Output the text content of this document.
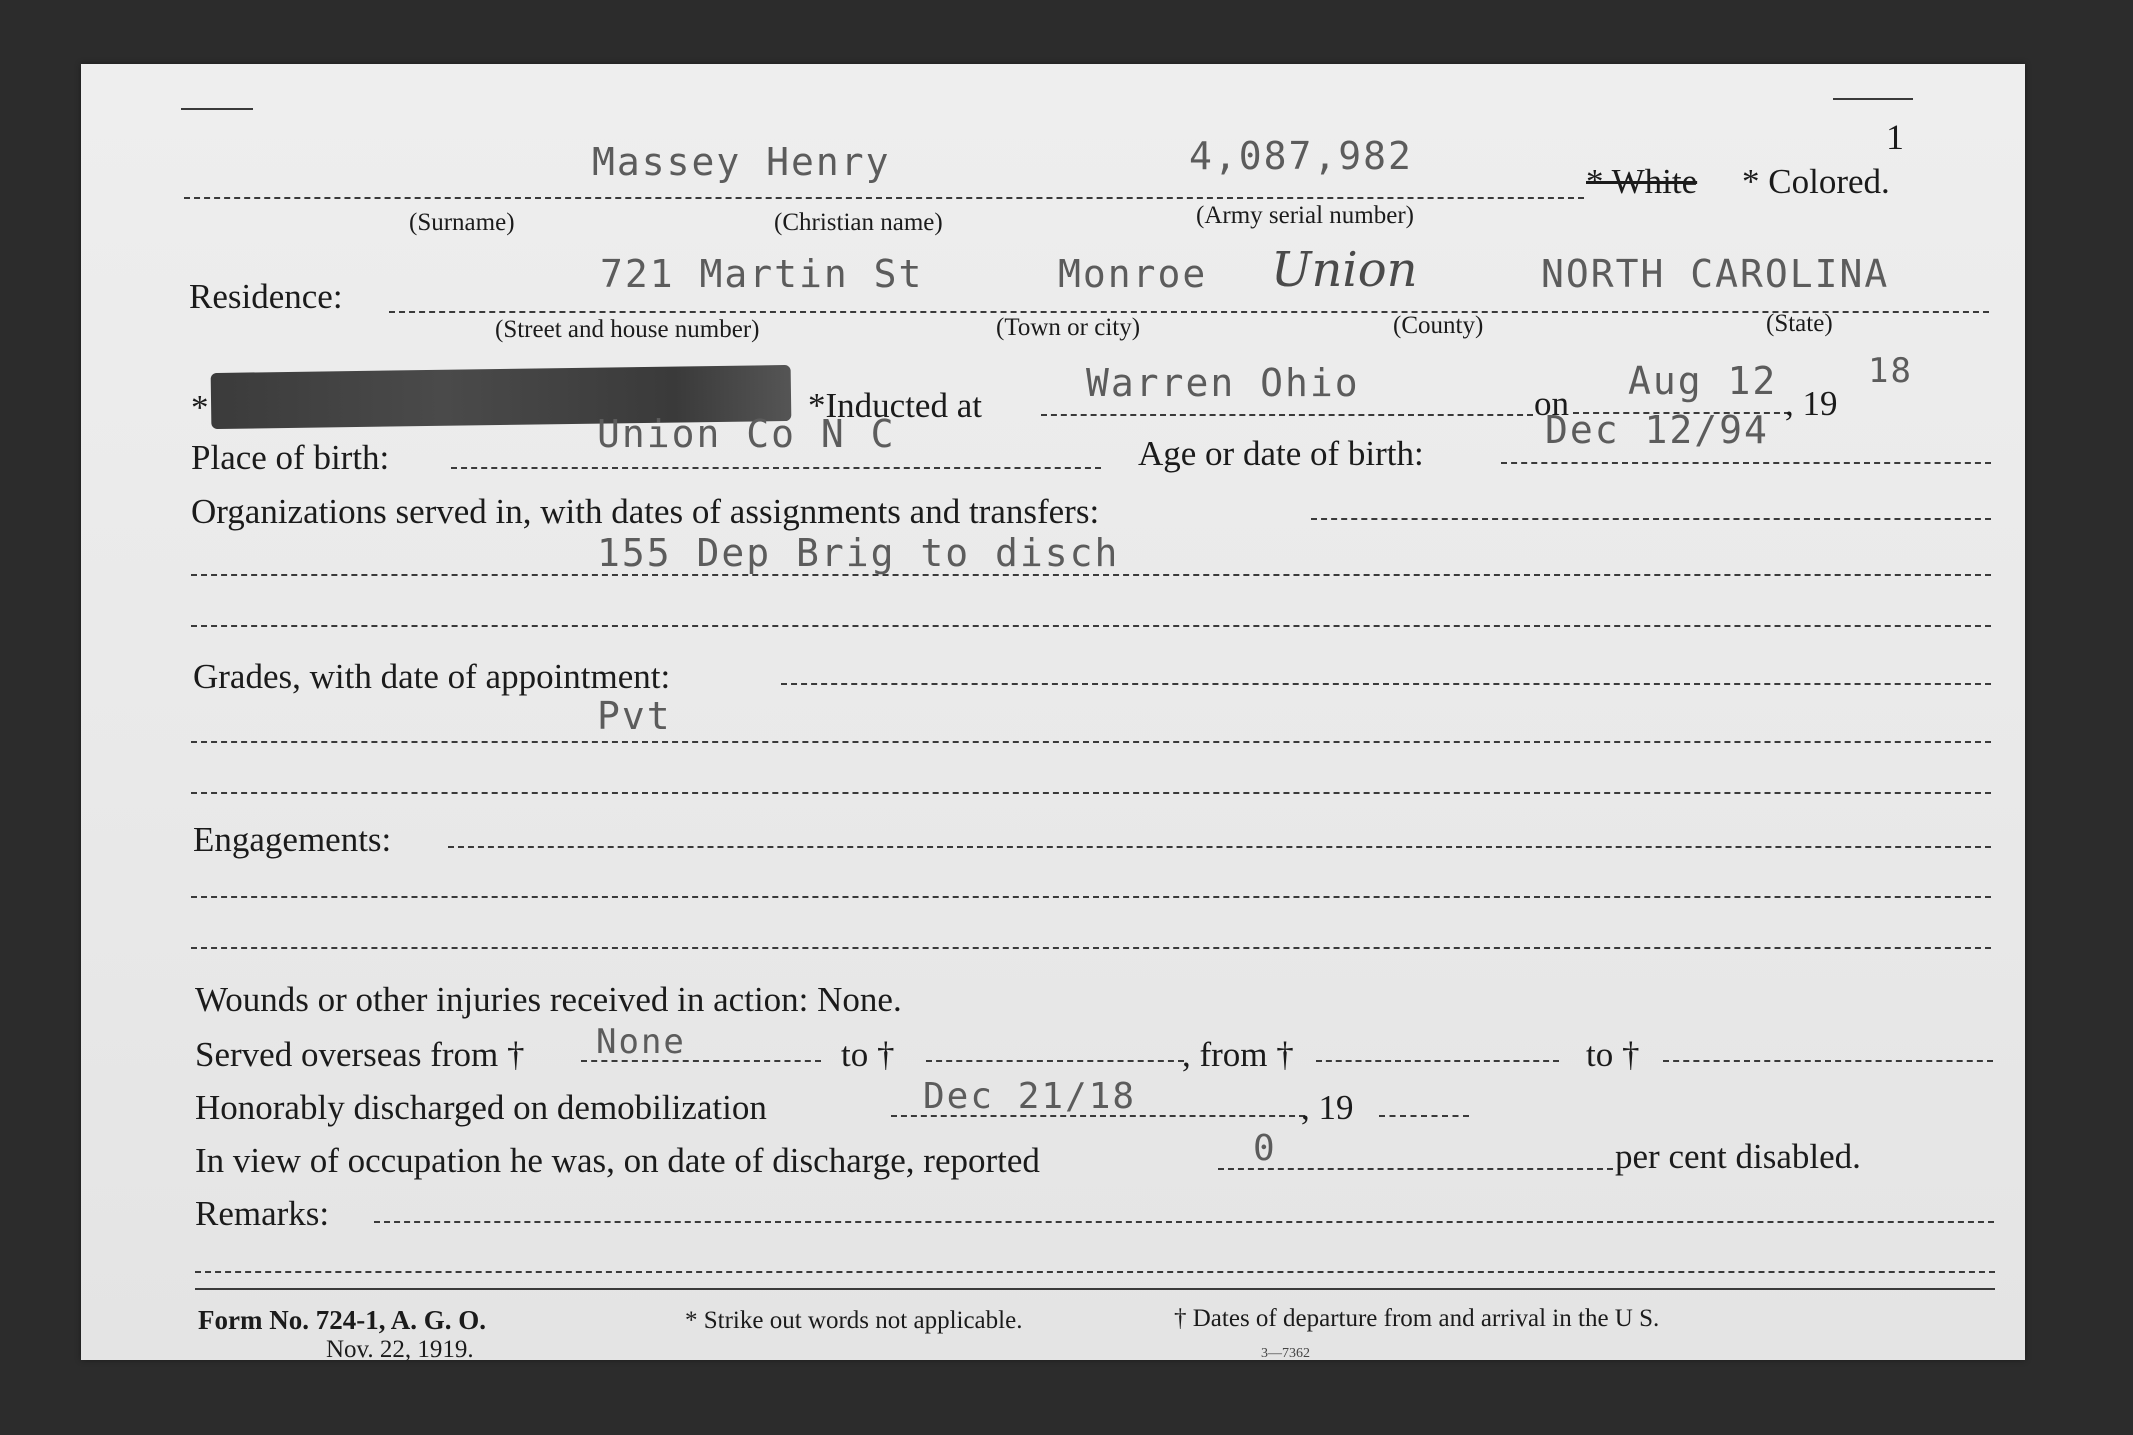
1
Massey Henry	4,087,982
* White * Colored.
(Surname)	(Christian name)	(Army serial number)
Residence:
721 Martin St	Monroe Union	NORTH CAROLINA
(Street and house number)	(Town or city)	(County)	(State)
*	*Inducted at
Warren Ohio	on
Aug 12
, 19
18
Place of birth:
Union Co N C	Age or date of birth:
Dec 12/94
Organizations served in, with dates of assignments and transfers:
155 Dep Brig to disch
Grades, with date of appointment:
Pvt
Engagements:
Wounds or other injuries received in action: None.
Served overseas from † None	to †	, from †	to †
Honorably discharged on demobilization	Dec 21/18	, 19
In view of occupation he was, on date of discharge, reported	0	per cent disabled.
Remarks:
Form No. 724-1, A. G. O.
Nov. 22, 1919.
* Strike out words not applicable.	† Dates of departure from and arrival in the U S.
3—7362
